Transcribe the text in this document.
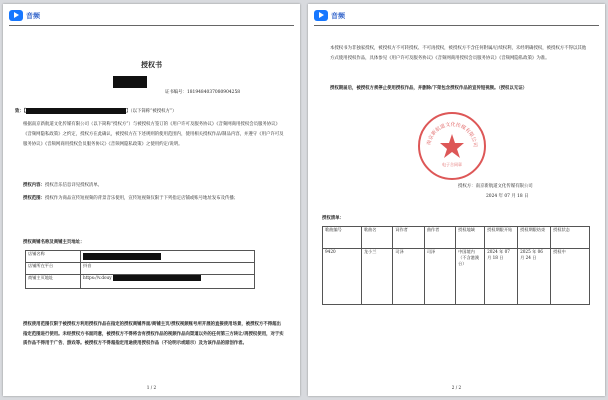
音频
授权书
证书编号：1819484037080904258
致：【	】（以下简称“被授权方”）
根据南京新航道文化传媒有限公司（以下简称“授权方”）与被授权方签订的《用户许可及服务协议》《音频网商用授权会员服务协议》《音频网隐私政策》之约定，授权方在此确认，被授权方在下述规则的使用范围内，使用相关授权作品/制品内容，并遵守《用户许可及服务协议》《音频网商用授权会员服务协议》《音频网隐私政策》之使用约定/说明。
授权内容：授权音乐信息详见授权清单。
授权范围：授权作为商品宣传短视频的背景音乐使用，宣传短视频仅限于下列指定店铺或账号地址发布及传播；
授权商铺名称及商铺主页地址：
店铺名称	
店铺所在平台	抖音
商铺主页地址	https://v.douy
授权使用范围仅限于被授权方利用授权作品在指定的授权商铺界面/商铺主页/授权视频账号所开展的直接使用场景，被授权方不得超出指定范围进行使用。未经授权方书面同意，被授权方不得将含有授权作品的视频作品向渠道以外的任何第三方转让/再授权使用，对于实质作品不得用于广告、游戏等。被授权方不得超指定用途使用授权作品（不论明示或暗示）及为该作品的原创作者。
1 / 2
音频
本授权书为非独家授权，被授权方不可转授权、不可再授权，被授权方不含任何附属/后续权利，未经明确授权，被授权方不得以其他方式使用授权作品，具体参见《用户许可及服务协议》《音频网商用授权会员服务协议》《音频网隐私政策》为准。
授权期届后，被授权方须停止使用授权作品，并删除/下架包含授权作品的宣传短视频。（授权以无证）
南京新航道文化传媒有限公司
电子合同章
授权方：南京新航道文化传媒有限公司
2024 年 07 月 18 日
授权清单：
歌曲编号	歌曲名	词作者	曲作者	授权地域	授权期限开始	授权期限结束	授权状态
9420	龙小兰	司泽	司泽	中国境内（不含港澳台）	2024 年 07 月 18 日	2025 年 06 月 24 日	授权中
2 / 2
